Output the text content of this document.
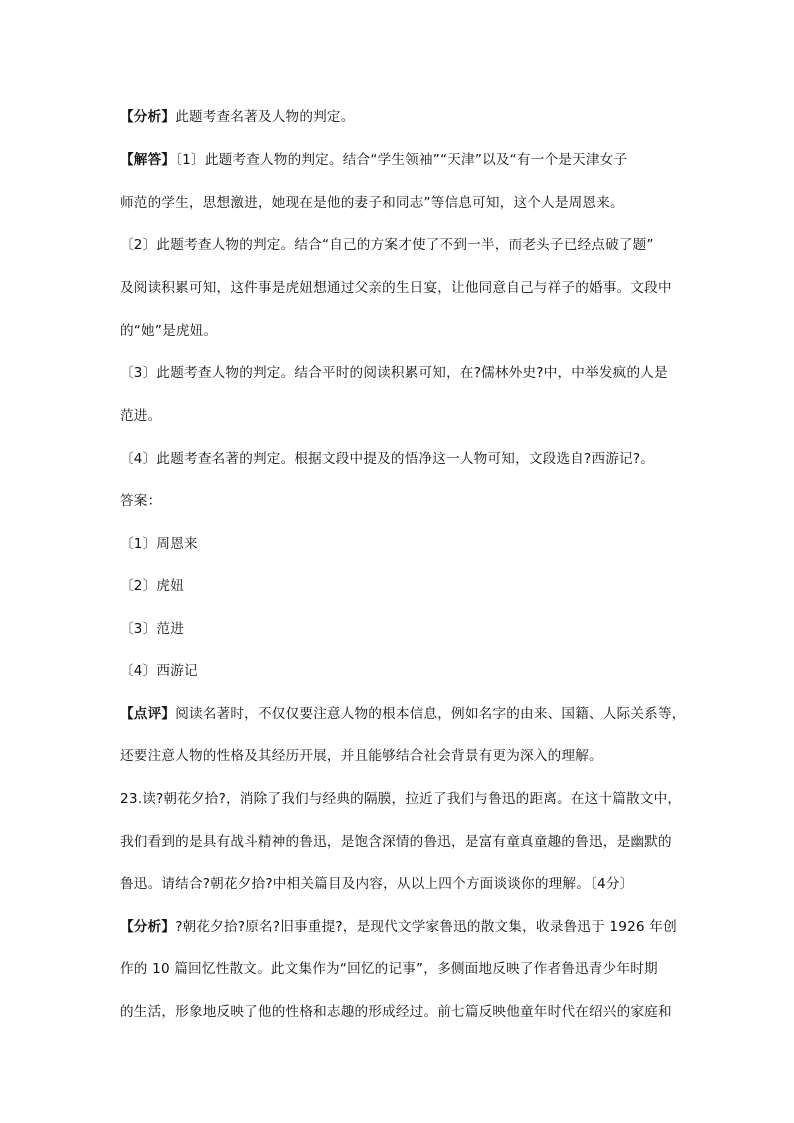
【分析】此题考查名著及人物的判定。
【解答】〔1〕此题考查人物的判定。结合“学生领袖”“天津”以及“有一个是天津女子
师范的学生，思想激进，她现在是他的妻子和同志”等信息可知，这个人是周恩来。
〔2〕此题考查人物的判定。结合“自己的方案才使了不到一半，而老头子已经点破了题”
及阅读积累可知，这件事是虎妞想通过父亲的生日宴，让他同意自己与祥子的婚事。文段中
的“她”是虎妞。
〔3〕此题考查人物的判定。结合平时的阅读积累可知，在?儒林外史?中，中举发疯的人是
范进。
〔4〕此题考查名著的判定。根据文段中提及的悟净这一人物可知，文段选自?西游记?。
答案：
〔1〕周恩来
〔2〕虎妞
〔3〕范进
〔4〕西游记
【点评】阅读名著时，不仅仅要注意人物的根本信息，例如名字的由来、国籍、人际关系等，
还要注意人物的性格及其经历开展，并且能够结合社会背景有更为深入的理解。
23.读?朝花夕拾?，消除了我们与经典的隔膜，拉近了我们与鲁迅的距离。在这十篇散文中，
我们看到的是具有战斗精神的鲁迅，是饱含深情的鲁迅，是富有童真童趣的鲁迅，是幽默的
鲁迅。请结合?朝花夕拾?中相关篇目及内容，从以上四个方面谈谈你的理解。〔4分〕
【分析】?朝花夕拾?原名?旧事重提?，是现代文学家鲁迅的散文集，收录鲁迅于 1926 年创
作的 10 篇回忆性散文。此文集作为“回忆的记事”，多侧面地反映了作者鲁迅青少年时期
的生活，形象地反映了他的性格和志趣的形成经过。前七篇反映他童年时代在绍兴的家庭和
